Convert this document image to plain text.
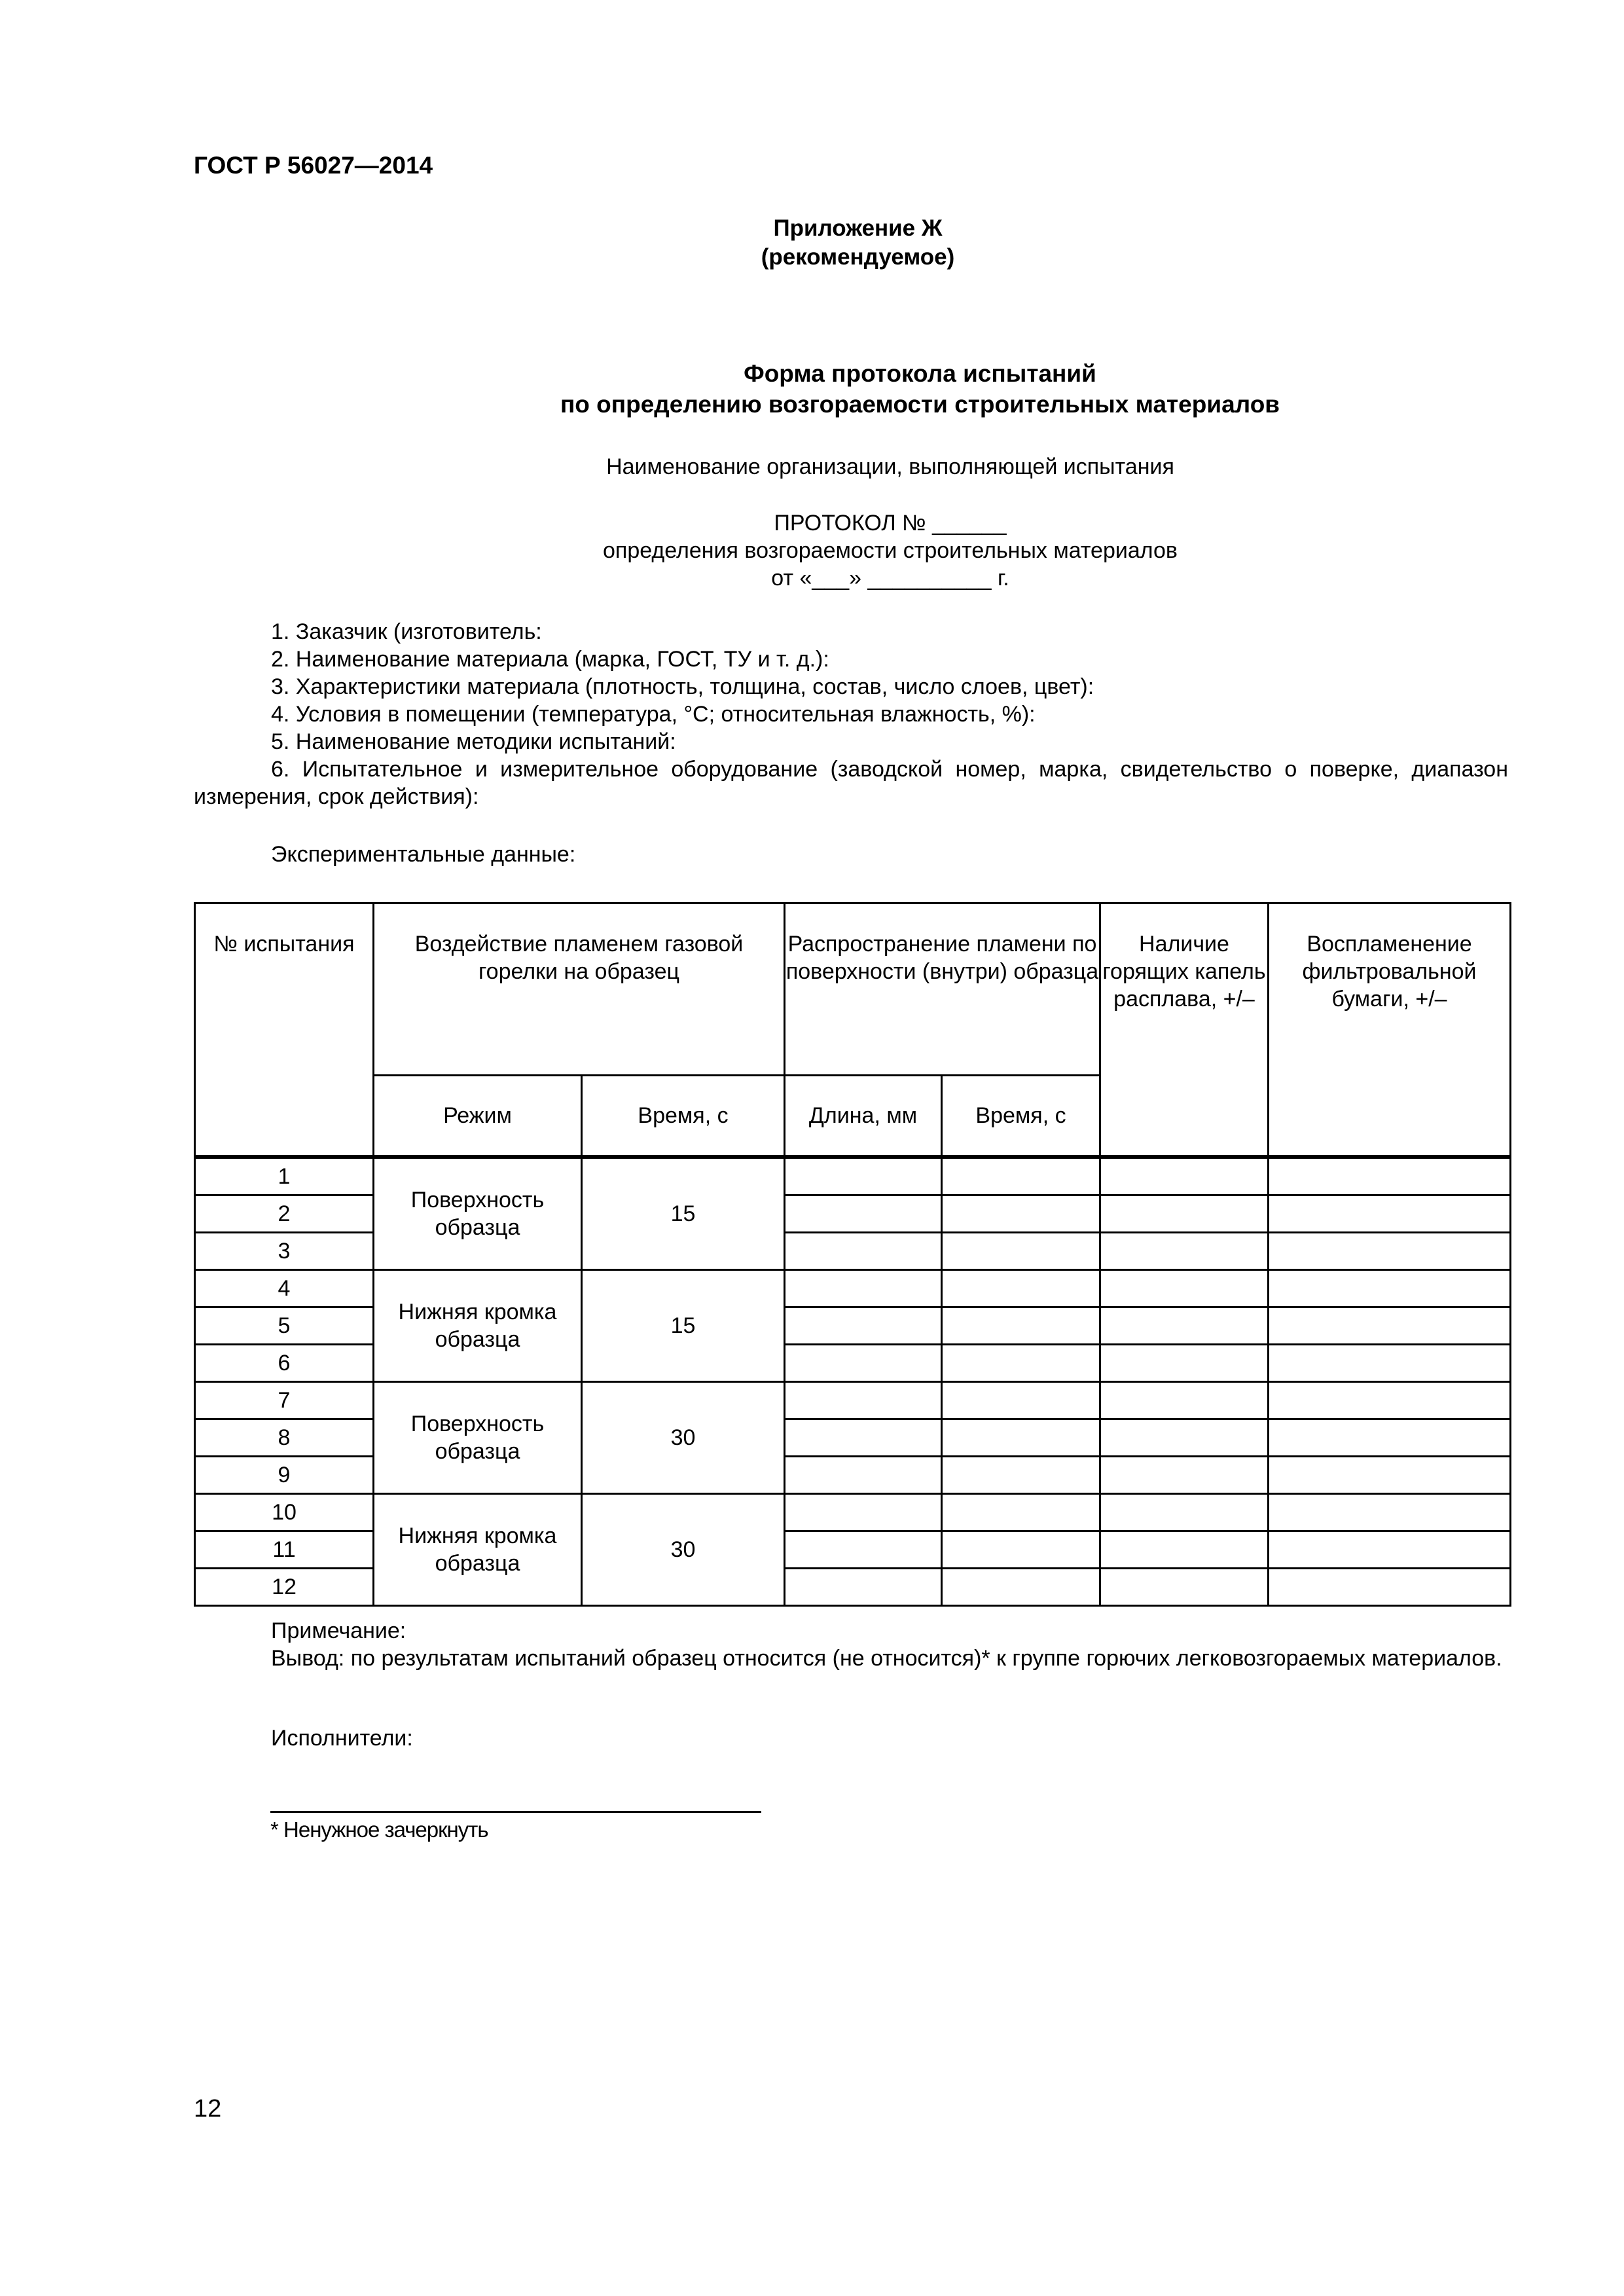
ГОСТ Р 56027—2014
Приложение Ж
(рекомендуемое)
Форма протокола испытаний
по определению возгораемости строительных материалов
Наименование организации, выполняющей испытания
ПРОТОКОЛ № ______
определения возгораемости строительных материалов
от «___» __________ г.
1. Заказчик (изготовитель:
2. Наименование материала (марка, ГОСТ, ТУ и т. д.):
3. Характеристики материала (плотность, толщина, состав, число слоев, цвет):
4. Условия в помещении (температура, °С; относительная влажность, %):
5. Наименование методики испытаний:
6. Испытательное и измерительное оборудование (заводской номер, марка, свидетельство о поверке, диапазон измерения, срок действия):
Экспериментальные данные:
№ испытания	Воздействие пламенем газовой горелки на образец		Распространение пламени по поверхности (внутри) образца		Наличие горящих капель расплава, +/–	Воспламенение фильтровальной бумаги, +/–
	Режим	Время, с	Длина, мм	Время, с		

1	Поверхность образца	15				
2						
3						
4	Нижняя кромка образца	15				
5						
6						
7	Поверхность образца	30				
8						
9						
10	Нижняя кромка образца	30				
11						
12						
Примечание:
Вывод: по результатам испытаний образец относится (не относится)* к группе горючих легковозгораемых материалов.
Исполнители:
* Ненужное зачеркнуть
12
